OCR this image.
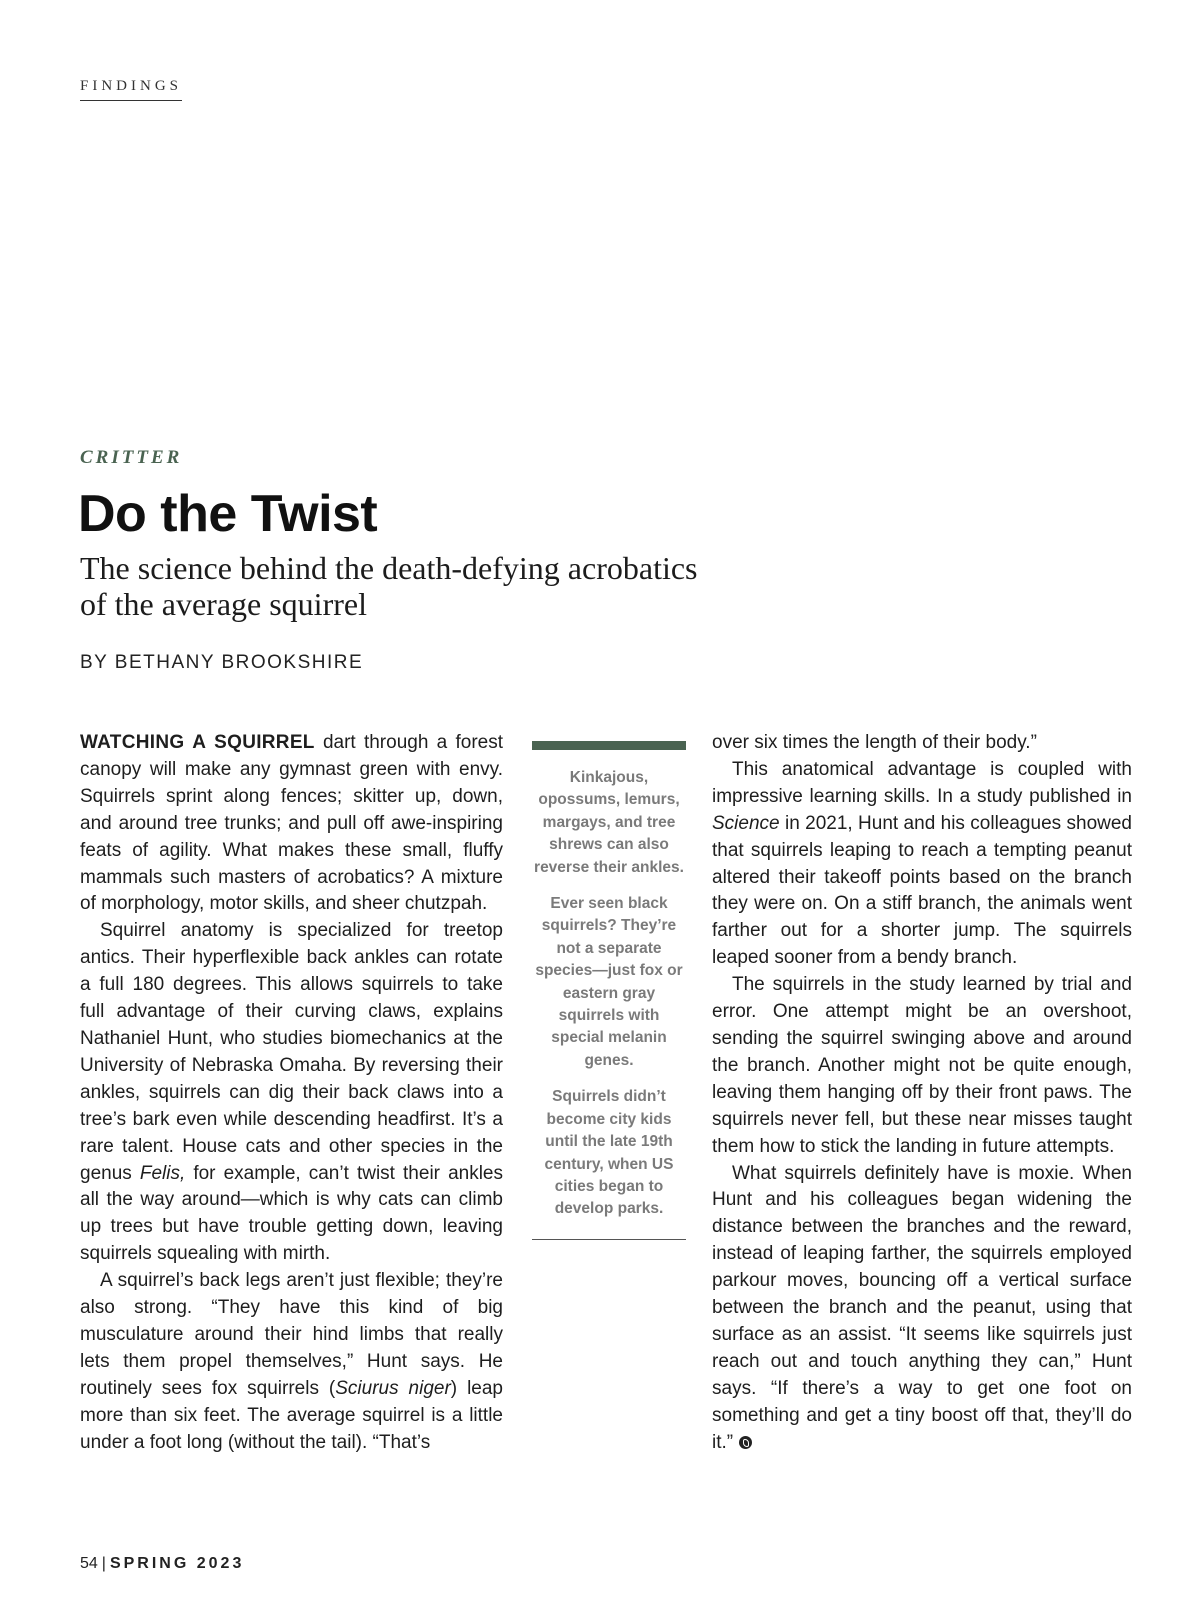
FINDINGS
CRITTER
Do the Twist

The science behind the death-defying acrobatics of the average squirrel

BY BETHANY BROOKSHIRE

WATCHING A SQUIRREL dart through a forest canopy will make any gymnast green with envy. Squirrels sprint along fences; skitter up, down, and around tree trunks; and pull off awe-inspiring feats of agility. What makes these small, fluffy mammals such masters of acrobatics? A mixture of morphology, motor skills, and sheer chutzpah.

Squirrel anatomy is specialized for treetop antics. Their hyperflexible back ankles can rotate a full 180 degrees. This allows squirrels to take full advantage of their curving claws, explains Nathaniel Hunt, who studies biomechanics at the University of Nebraska Omaha. By reversing their ankles, squirrels can dig their back claws into a tree’s bark even while descending headfirst. It’s a rare talent. House cats and other species in the genus Felis, for example, can’t twist their ankles all the way around—which is why cats can climb up trees but have trouble getting down, leaving squirrels squealing with mirth.

A squirrel’s back legs aren’t just flexible; they’re also strong. “They have this kind of big musculature around their hind limbs that really lets them propel themselves,” Hunt says. He routinely sees fox squirrels (Sciurus niger) leap more than six feet. The average squirrel is a little under a foot long (without the tail). “That’s

Kinkajous, opossums, lemurs, margays, and tree shrews can also reverse their ankles.

Ever seen black squirrels? They’re not a separate species—just fox or eastern gray squirrels with special melanin genes.

Squirrels didn’t become city kids until the late 19th century, when US cities began to develop parks.

over six times the length of their body.”

This anatomical advantage is coupled with impressive learning skills. In a study published in Science in 2021, Hunt and his colleagues showed that squirrels leaping to reach a tempting peanut altered their takeoff points based on the branch they were on. On a stiff branch, the animals went farther out for a shorter jump. The squirrels leaped sooner from a bendy branch.

The squirrels in the study learned by trial and error. One attempt might be an overshoot, sending the squirrel swinging above and around the branch. Another might not be quite enough, leaving them hanging off by their front paws. The squirrels never fell, but these near misses taught them how to stick the landing in future attempts.

What squirrels definitely have is moxie. When Hunt and his colleagues began widening the distance between the branches and the reward, instead of leaping farther, the squirrels employed parkour moves, bouncing off a vertical surface between the branch and the peanut, using that surface as an assist. “It seems like squirrels just reach out and touch anything they can,” Hunt says. “If there’s a way to get one foot on something and get a tiny boost off that, they’ll do it.”

54 | SPRING 2023
